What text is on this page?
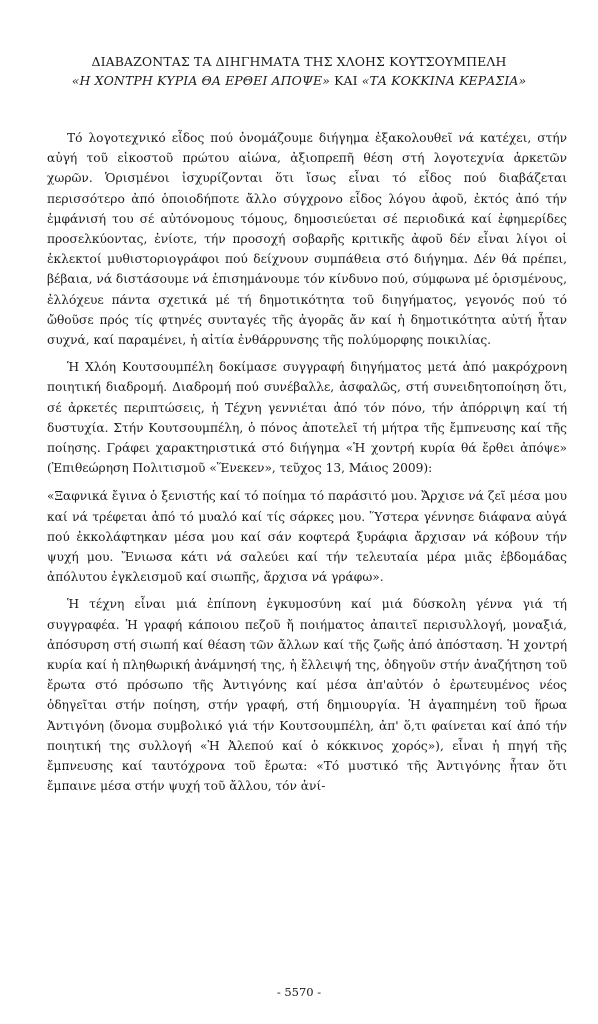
ΔΙΑΒΑΖΟΝΤΑΣ ΤΑ ΔΙΗΓΗΜΑΤΑ ΤΗΣ ΧΛΟΗΣ ΚΟΥΤΣΟΥΜΠΕΛΗ
«Η ΧΟΝΤΡΗ ΚΥΡΙΑ ΘΑ ΕΡΘΕΙ ΑΠΟΨΕ» ΚΑΙ «ΤΑ ΚΟΚΚΙΝΑ ΚΕΡΑΣΙΑ»

Τό λογοτεχνικό εἶδος πού ὀνομάζουμε διήγημα ἐξακολουθεῖ νά κατέχει, στήν αὐγή τοῦ εἰκοστοῦ πρώτου αἰώνα, ἀξιοπρεπῆ θέση στή λογοτεχνία ἀρκετῶν χωρῶν. Ὁρισμένοι ἰσχυρίζονται ὅτι ἴσως εἶναι τό εἶδος πού διαβάζεται περισσότερο ἀπό ὁποιοδήποτε ἄλλο σύγχρονο εἶδος λόγου ἀφοῦ, ἐκτός ἀπό τήν ἐμφάνισή του σέ αὐτόνομους τόμους, δημοσιεύεται σέ περιοδικά καί ἐφημερίδες προσελκύοντας, ἐνίοτε, τήν προσοχή σοβαρῆς κριτικῆς ἀφοῦ δέν εἶναι λίγοι οἱ ἐκλεκτοί μυθιστοριογράφοι πού δείχνουν συμπάθεια στό διήγημα. Δέν θά πρέπει, βέβαια, νά διστάσουμε νά ἐπισημάνουμε τόν κίνδυνο πού, σύμφωνα μέ ὁρισμένους, ἐλλόχευε πάντα σχετικά μέ τή δημοτικότητα τοῦ διηγήματος, γεγονός πού τό ὤθοῦσε πρός τίς φτηνές συνταγές τῆς ἀγορᾶς ἄν καί ἡ δημοτικότητα αὐτή ἦταν συχνά, καί παραμένει, ἡ αἰτία ἐνθάρρυνσης τῆς πολύμορφης ποικιλίας.

Ἡ Χλόη Κουτσουμπέλη δοκίμασε συγγραφή διηγήματος μετά ἀπό μακρόχρονη ποιητική διαδρομή. Διαδρομή πού συνέβαλλε, ἀσφαλῶς, στή συνειδητοποίηση ὅτι, σέ ἀρκετές περιπτώσεις, ἡ Τέχνη γεννιέται ἀπό τόν πόνο, τήν ἀπόρριψη καί τή δυστυχία. Στήν Κουτσουμπέλη, ὁ πόνος ἀποτελεῖ τή μήτρα τῆς ἔμπνευσης καί τῆς ποίησης. Γράφει χαρακτηριστικά στό διήγημα «Ἡ χοντρή κυρία θά ἔρθει ἀπόψε» (Ἐπιθεώρηση Πολιτισμοῦ «Ἕνεκεν», τεῦχος 13, Μάιος 2009):

«Ξαφνικά ἔγινα ὁ ξενιστής καί τό ποίημα τό παράσιτό μου. Ἄρχισε νά ζεῖ μέσα μου καί νά τρέφεται ἀπό τό μυαλό καί τίς σάρκες μου. Ὕστερα γέννησε διάφανα αὐγά πού ἐκκολάφτηκαν μέσα μου καί σάν κοφτερά ξυράφια ἄρχισαν νά κόβουν τήν ψυχή μου. Ἔνιωσα κάτι νά σαλεύει καί τήν τελευταία μέρα μιᾶς ἑβδομάδας ἀπόλυτου ἐγκλεισμοῦ καί σιωπῆς, ἄρχισα νά γράφω».

Ἡ τέχνη εἶναι μιά ἐπίπονη ἐγκυμοσύνη καί μιά δύσκολη γέννα γιά τή συγγραφέα. Ἡ γραφή κάποιου πεζοῦ ἤ ποιήματος ἀπαιτεῖ περισυλλογή, μοναξιά, ἀπόσυρση στή σιωπή καί θέαση τῶν ἄλλων καί τῆς ζωῆς ἀπό ἀπόσταση. Ἡ χοντρή κυρία καί ἡ πληθωρική ἀνάμνησή της, ἡ ἔλλειψή της, ὁδηγοῦν στήν ἀναζήτηση τοῦ ἔρωτα στό πρόσωπο τῆς Ἀντιγόνης καί μέσα ἀπ'αὐτόν ὁ ἐρωτευμένος νέος ὁδηγεῖται στήν ποίηση, στήν γραφή, στή δημιουργία. Ἡ ἀγαπημένη τοῦ ἥρωα Ἀντιγόνη (ὄνομα συμβολικό γιά τήν Κουτσουμπέλη, ἀπ' ὅ,τι φαίνεται καί ἀπό τήν ποιητική της συλλογή «Ἡ Ἀλεπού καί ὁ κόκκινος χορός»), εἶναι ἡ πηγή τῆς ἔμπνευσης καί ταυτόχρονα τοῦ ἔρωτα: «Τό μυστικό τῆς Ἀντιγόνης ἦταν ὅτι ἔμπαινε μέσα στήν ψυχή τοῦ ἄλλου, τόν ἀνί-

- 5570 -
